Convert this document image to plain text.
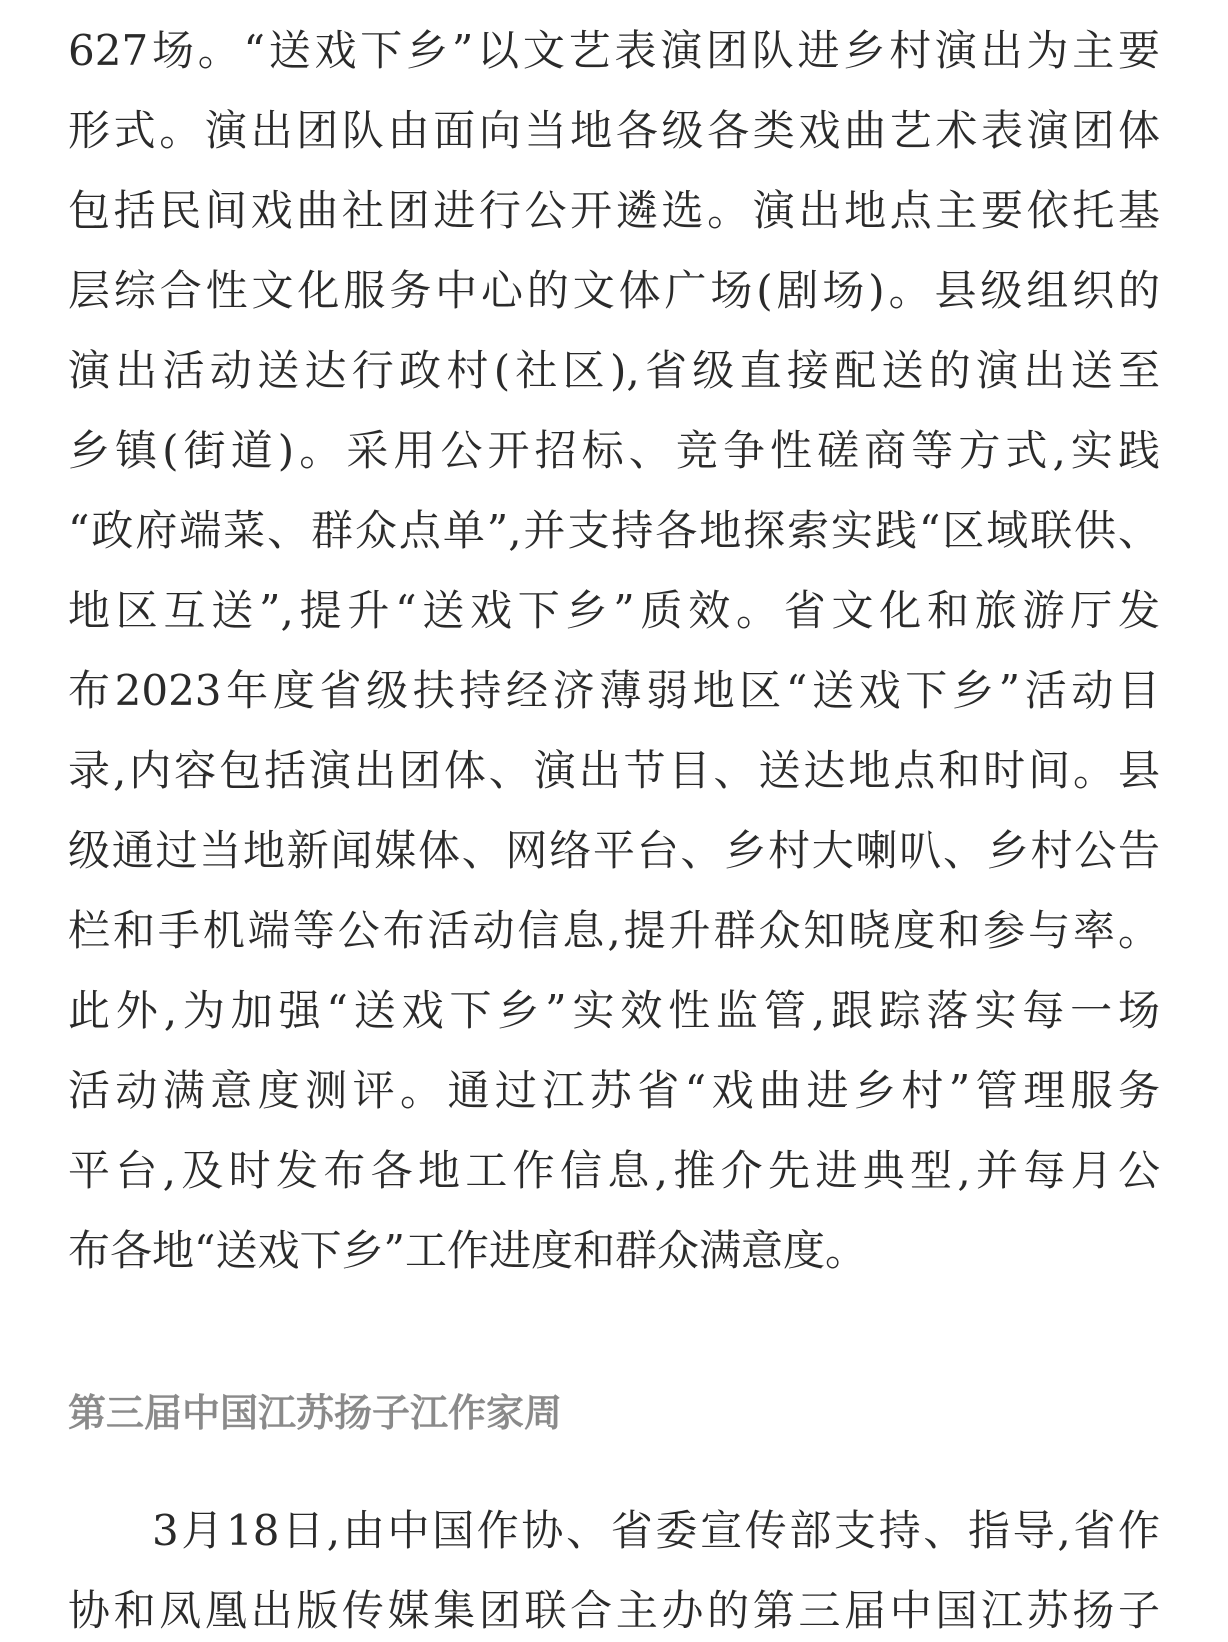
627场。“送戏下乡”以文艺表演团队进乡村演出为主要
形式。演出团队由面向当地各级各类戏曲艺术表演团体
包括民间戏曲社团进行公开遴选。演出地点主要依托基
层综合性文化服务中心的文体广场(剧场)。县级组织的
演出活动送达行政村(社区),省级直接配送的演出送至
乡镇(街道)。采用公开招标、竞争性磋商等方式,实践
“政府端菜、群众点单”,并支持各地探索实践“区域联供、
地区互送”,提升“送戏下乡”质效。省文化和旅游厅发
布2023年度省级扶持经济薄弱地区“送戏下乡”活动目
录,内容包括演出团体、演出节目、送达地点和时间。县
级通过当地新闻媒体、网络平台、乡村大喇叭、乡村公告
栏和手机端等公布活动信息,提升群众知晓度和参与率。
此外,为加强“送戏下乡”实效性监管,跟踪落实每一场
活动满意度测评。通过江苏省“戏曲进乡村”管理服务
平台,及时发布各地工作信息,推介先进典型,并每月公
布各地“送戏下乡”工作进度和群众满意度。
第三届中国江苏扬子江作家周
3月18日,由中国作协、省委宣传部支持、指导,省作
协和凤凰出版传媒集团联合主办的第三届中国江苏扬子
